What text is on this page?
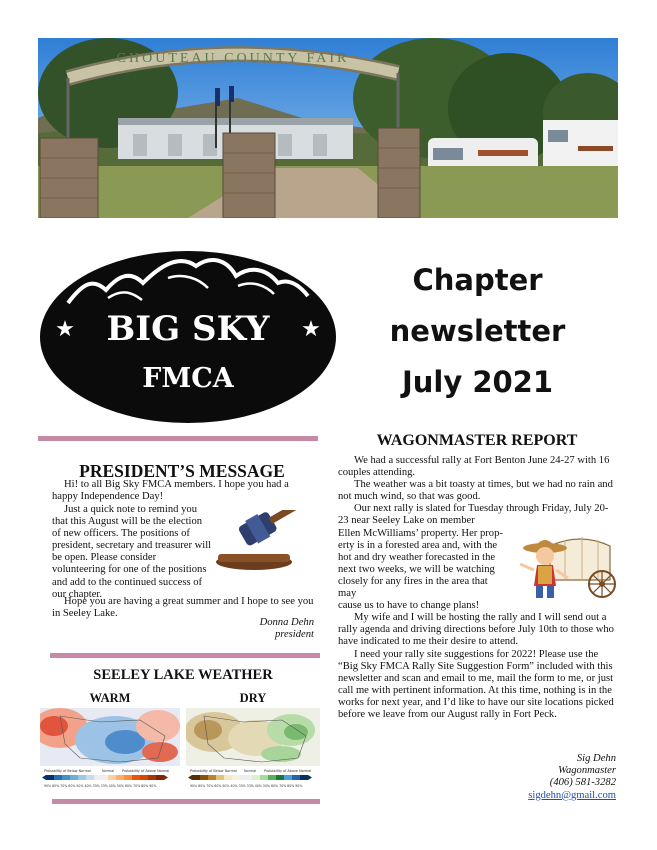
CHOUTEAU COUNTY FAIR
BIG SKY
★	★
FMCA
Chapter
newsletter
July 2021
PRESIDENT’S MESSAGE

Hi! to all Big Sky FMCA members. I hope you had a happy Independence Day!

Just a quick note to remind you that this August will be the election of new officers. The positions of president, secretary and treasurer will be open. Please consider volunteering for one of the positions and add to the continued success of our chapter.

Hope you are having a great summer and I hope to see you in Seeley Lake.

Donna Dehn
president
SEELEY LAKE WEATHER
WARM	DRY
Probability of Below Normal	Normal Probability of Above Normal
90% 80% 70% 60% 50% 40% 33% 33% 40% 50% 60% 70% 80% 90%
Probability of Below Normal Normal Probability of Above Normal
90% 80% 70% 60% 50% 40% 33% 33% 40% 50% 60% 70% 80% 90%
WAGONMASTER REPORT

We had a successful rally at Fort Benton June 24-27 with 16 couples attending.

The weather was a bit toasty at times, but we had no rain and not much wind, so that was good.

Our next rally is slated for Tuesday through Friday, July 20-23 near Seeley Lake on member

Ellen McWilliams’ property. Her prop-
erty is in a forested area and, with the
hot and dry weather forecasted in the
next two weeks, we will be watching
closely for any fires in the area that may
cause us to have to change plans!

My wife and I will be hosting the rally and I will send out a rally agenda and driving directions before July 10th to those who have indicated to me their desire to attend.

I need your rally site suggestions for 2022! Please use the “Big Sky FMCA Rally Site Suggestion Form” included with this newsletter and scan and email to me, mail the form to me, or just call me with pertinent information. At this time, nothing is in the works for next year, and I’d like to have our site locations picked before we leave from our August rally in Fort Peck.

Sig Dehn
Wagonmaster
(406) 581-3282
sigdehn@gmail.com
